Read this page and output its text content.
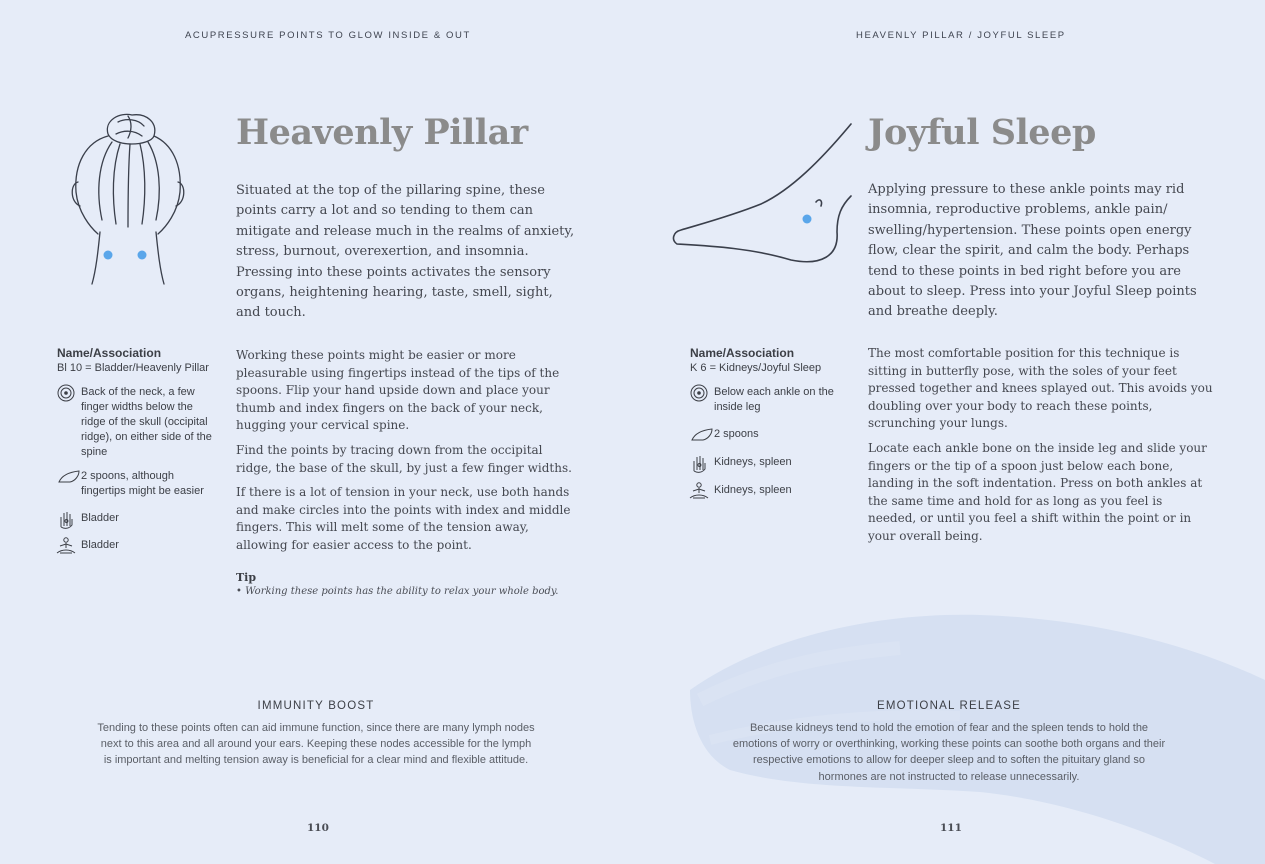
ACUPRESSURE POINTS TO GLOW INSIDE & OUT
Heavenly Pillar
Situated at the top of the pillaring spine, these points carry a lot and so tending to them can mitigate and release much in the realms of anxiety, stress, burnout, overexertion, and insomnia. Pressing into these points activates the sensory organs, heightening hearing, taste, smell, sight, and touch.
Name/Association
Bl 10 = Bladder/Heavenly Pillar
Back of the neck, a few finger widths below the ridge of the skull (occipital ridge), on either side of the spine
2 spoons, although fingertips might be easier
Bladder
Bladder

Working these points might be easier or more pleasurable using fingertips instead of the tips of the spoons. Flip your hand upside down and place your thumb and index fingers on the back of your neck, hugging your cervical spine.

Find the points by tracing down from the occipital ridge, the base of the skull, by just a few finger widths.

If there is a lot of tension in your neck, use both hands and make circles into the points with index and middle fingers. This will melt some of the tension away, allowing for easier access to the point.

Tip
• Working these points has the ability to relax your whole body.
IMMUNITY BOOST
Tending to these points often can aid immune function, since there are many lymph nodes next to this area and all around your ears. Keeping these nodes accessible for the lymph is important and melting tension away is beneficial for a clear mind and flexible attitude.
110
HEAVENLY PILLAR / JOYFUL SLEEP
Joyful Sleep
Applying pressure to these ankle points may rid insomnia, reproductive problems, ankle pain/ swelling/hypertension. These points open energy flow, clear the spirit, and calm the body. Perhaps tend to these points in bed right before you are about to sleep. Press into your Joyful Sleep points and breathe deeply.
Name/Association
K 6 = Kidneys/Joyful Sleep
Below each ankle on the inside leg
2 spoons
Kidneys, spleen
Kidneys, spleen

The most comfortable position for this technique is sitting in butterfly pose, with the soles of your feet pressed together and knees splayed out. This avoids you doubling over your body to reach these points, scrunching your lungs.

Locate each ankle bone on the inside leg and slide your fingers or the tip of a spoon just below each bone, landing in the soft indentation. Press on both ankles at the same time and hold for as long as you feel is needed, or until you feel a shift within the point or in your overall being.

EMOTIONAL RELEASE
Because kidneys tend to hold the emotion of fear and the spleen tends to hold the emotions of worry or overthinking, working these points can soothe both organs and their respective emotions to allow for deeper sleep and to soften the pituitary gland so hormones are not instructed to release unnecessarily.
111
